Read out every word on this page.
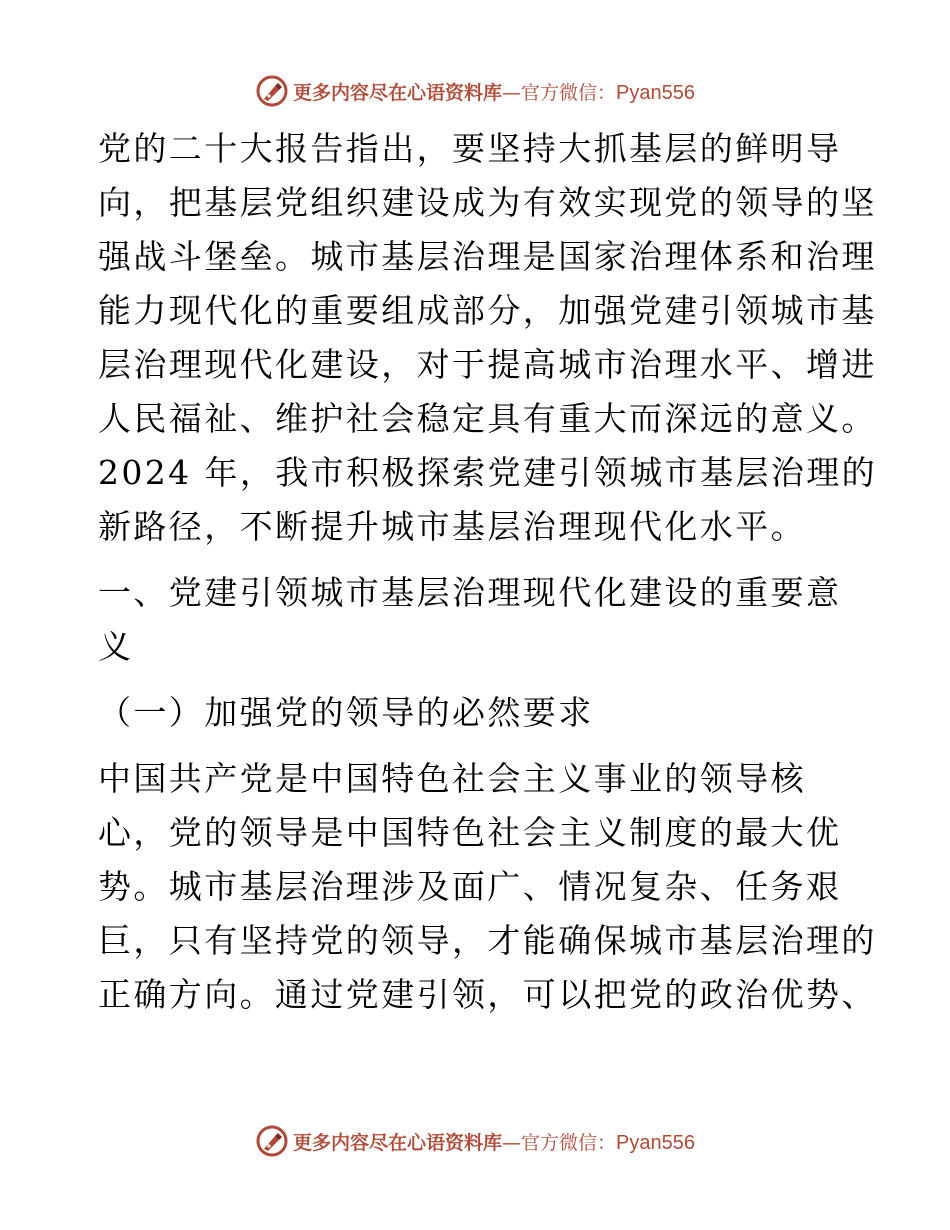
更多内容尽在心语资料库—官方微信：Pyan556

党的二十大报告指出，要坚持大抓基层的鲜明导
向，把基层党组织建设成为有效实现党的领导的坚
强战斗堡垒。城市基层治理是国家治理体系和治理
能力现代化的重要组成部分，加强党建引领城市基
层治理现代化建设，对于提高城市治理水平、增进
人民福祉、维护社会稳定具有重大而深远的意义。
2024 年，我市积极探索党建引领城市基层治理的
新路径，不断提升城市基层治理现代化水平。

一、党建引领城市基层治理现代化建设的重要意
义

（一）加强党的领导的必然要求

中国共产党是中国特色社会主义事业的领导核
心，党的领导是中国特色社会主义制度的最大优
势。城市基层治理涉及面广、情况复杂、任务艰
巨，只有坚持党的领导，才能确保城市基层治理的
正确方向。通过党建引领，可以把党的政治优势、

更多内容尽在心语资料库—官方微信：Pyan556
